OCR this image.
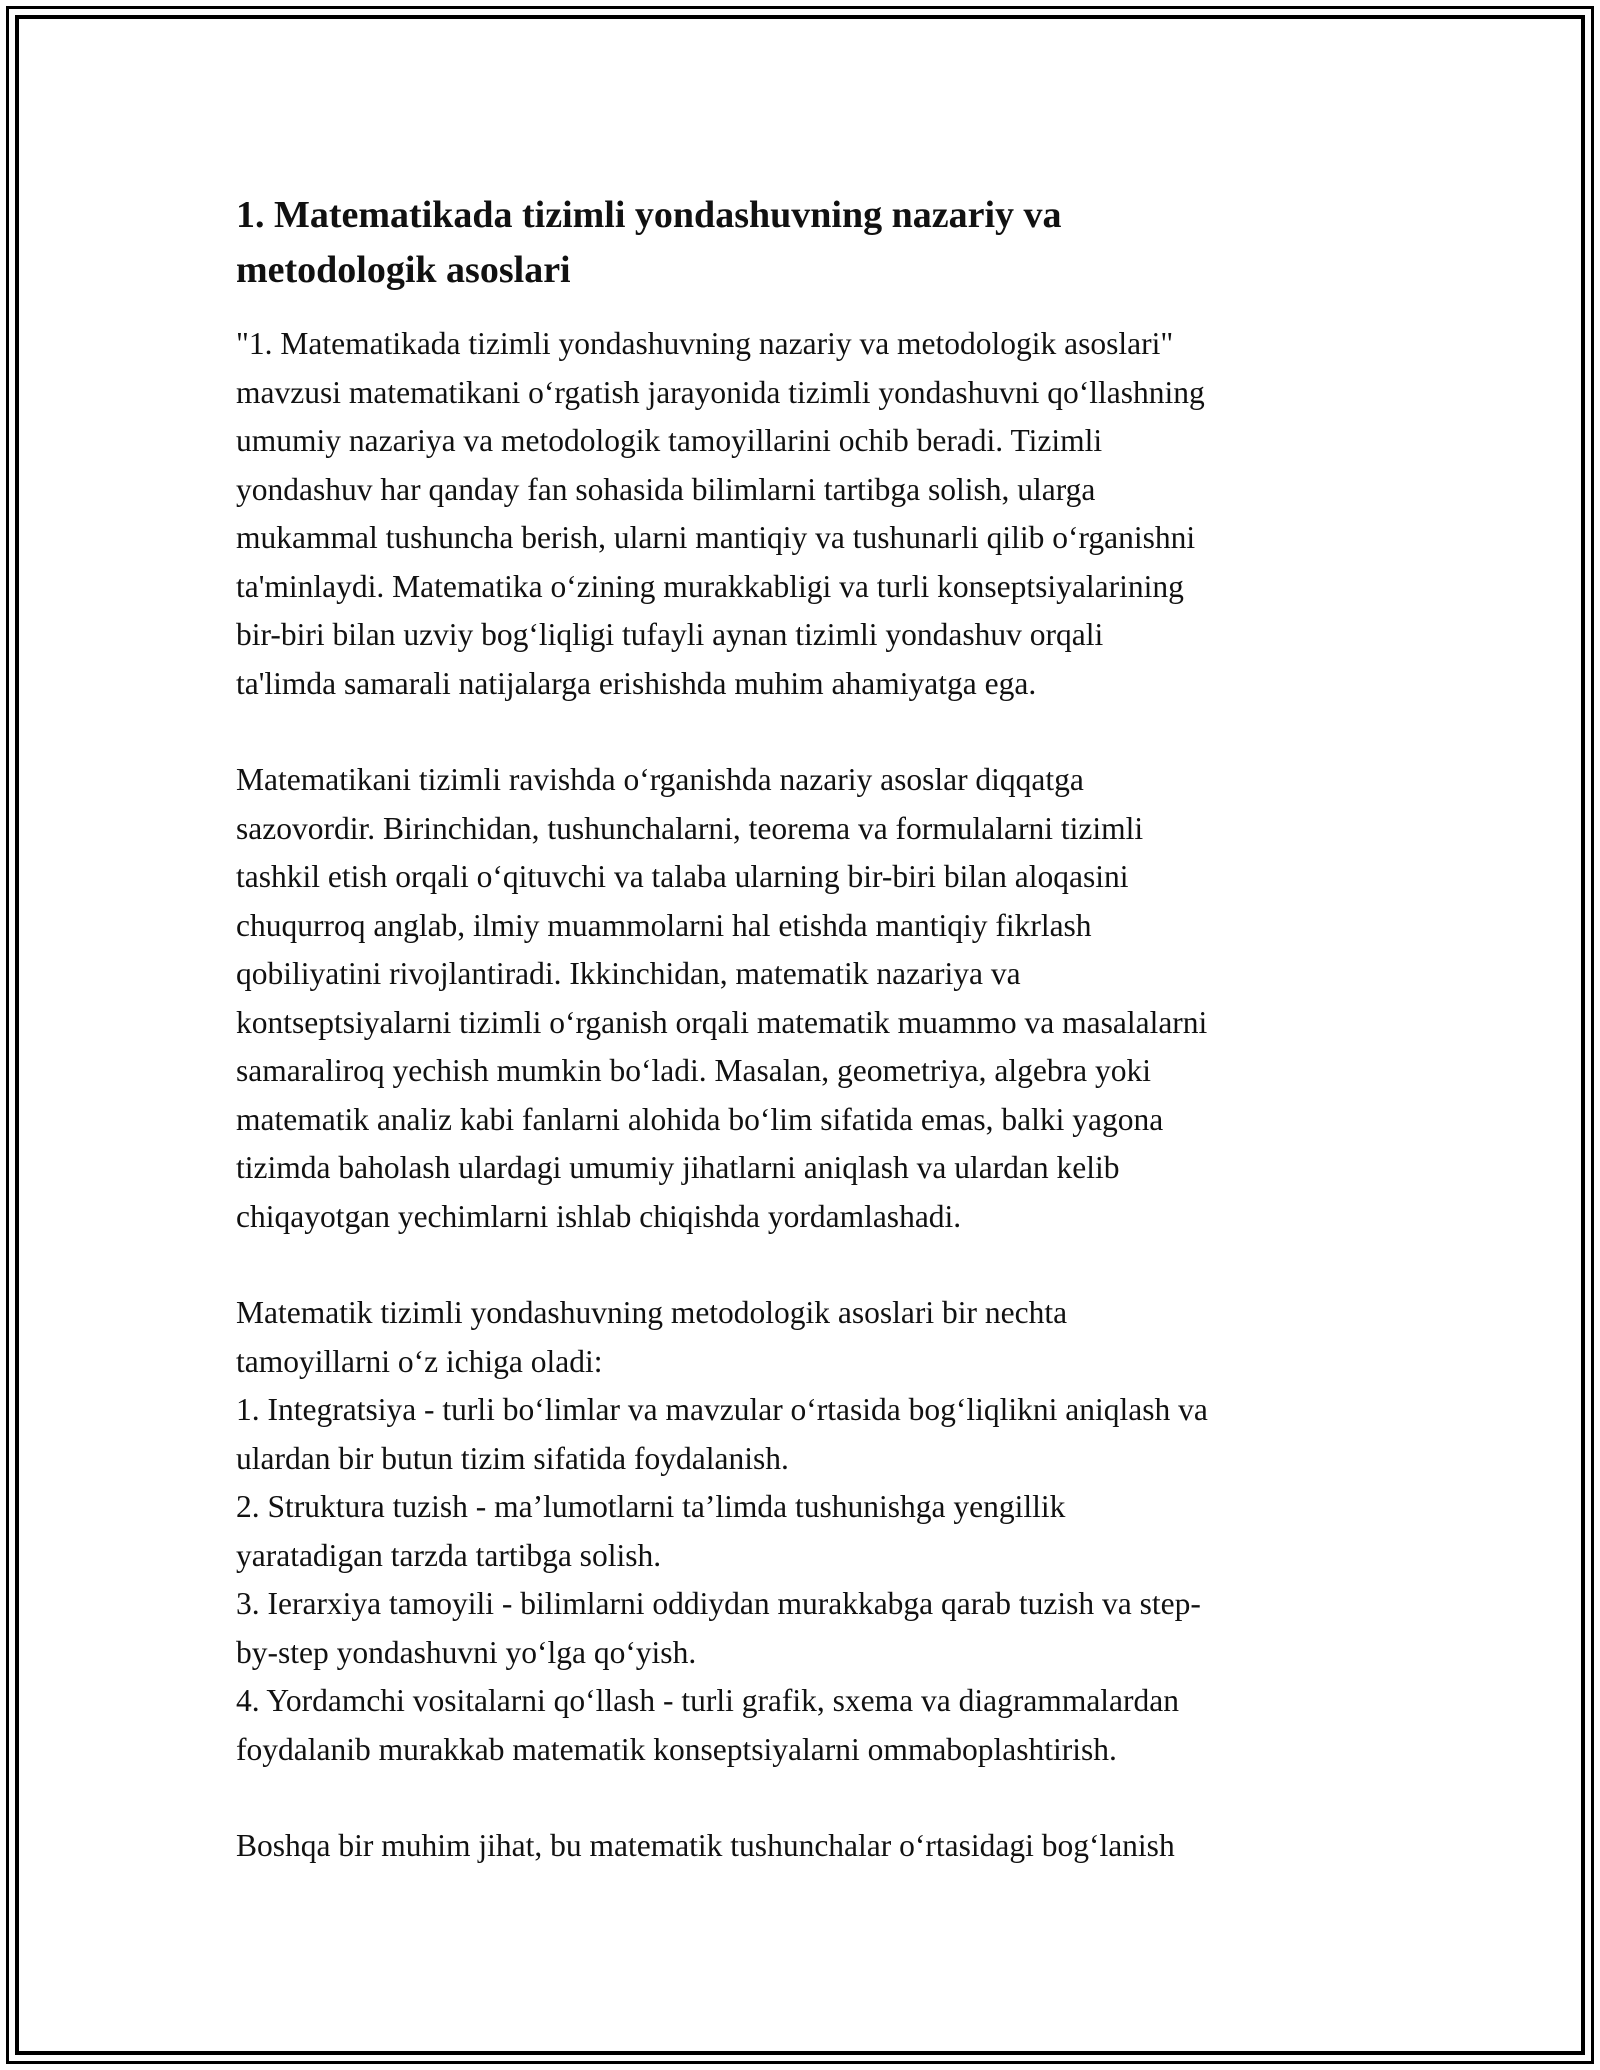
1. Matematikada tizimli yondashuvning nazariy va
metodologik asoslari

"1. Matematikada tizimli yondashuvning nazariy va metodologik asoslari"
mavzusi matematikani o‘rgatish jarayonida tizimli yondashuvni qo‘llashning
umumiy nazariya va metodologik tamoyillarini ochib beradi. Tizimli
yondashuv har qanday fan sohasida bilimlarni tartibga solish, ularga
mukammal tushuncha berish, ularni mantiqiy va tushunarli qilib o‘rganishni
ta'minlaydi. Matematika o‘zining murakkabligi va turli konseptsiyalarining
bir-biri bilan uzviy bog‘liqligi tufayli aynan tizimli yondashuv orqali
ta'limda samarali natijalarga erishishda muhim ahamiyatga ega.

Matematikani tizimli ravishda o‘rganishda nazariy asoslar diqqatga
sazovordir. Birinchidan, tushunchalarni, teorema va formulalarni tizimli
tashkil etish orqali o‘qituvchi va talaba ularning bir-biri bilan aloqasini
chuqurroq anglab, ilmiy muammolarni hal etishda mantiqiy fikrlash
qobiliyatini rivojlantiradi. Ikkinchidan, matematik nazariya va
kontseptsiyalarni tizimli o‘rganish orqali matematik muammo va masalalarni
samaraliroq yechish mumkin bo‘ladi. Masalan, geometriya, algebra yoki
matematik analiz kabi fanlarni alohida bo‘lim sifatida emas, balki yagona
tizimda baholash ulardagi umumiy jihatlarni aniqlash va ulardan kelib
chiqayotgan yechimlarni ishlab chiqishda yordamlashadi.

Matematik tizimli yondashuvning metodologik asoslari bir nechta
tamoyillarni o‘z ichiga oladi:
1. Integratsiya - turli bo‘limlar va mavzular o‘rtasida bog‘liqlikni aniqlash va
ulardan bir butun tizim sifatida foydalanish.
2. Struktura tuzish - ma’lumotlarni ta’limda tushunishga yengillik
yaratadigan tarzda tartibga solish.
3. Ierarxiya tamoyili - bilimlarni oddiydan murakkabga qarab tuzish va step-
by-step yondashuvni yo‘lga qo‘yish.
4. Yordamchi vositalarni qo‘llash - turli grafik, sxema va diagrammalardan
foydalanib murakkab matematik konseptsiyalarni ommaboplashtirish.

Boshqa bir muhim jihat, bu matematik tushunchalar o‘rtasidagi bog‘lanish
